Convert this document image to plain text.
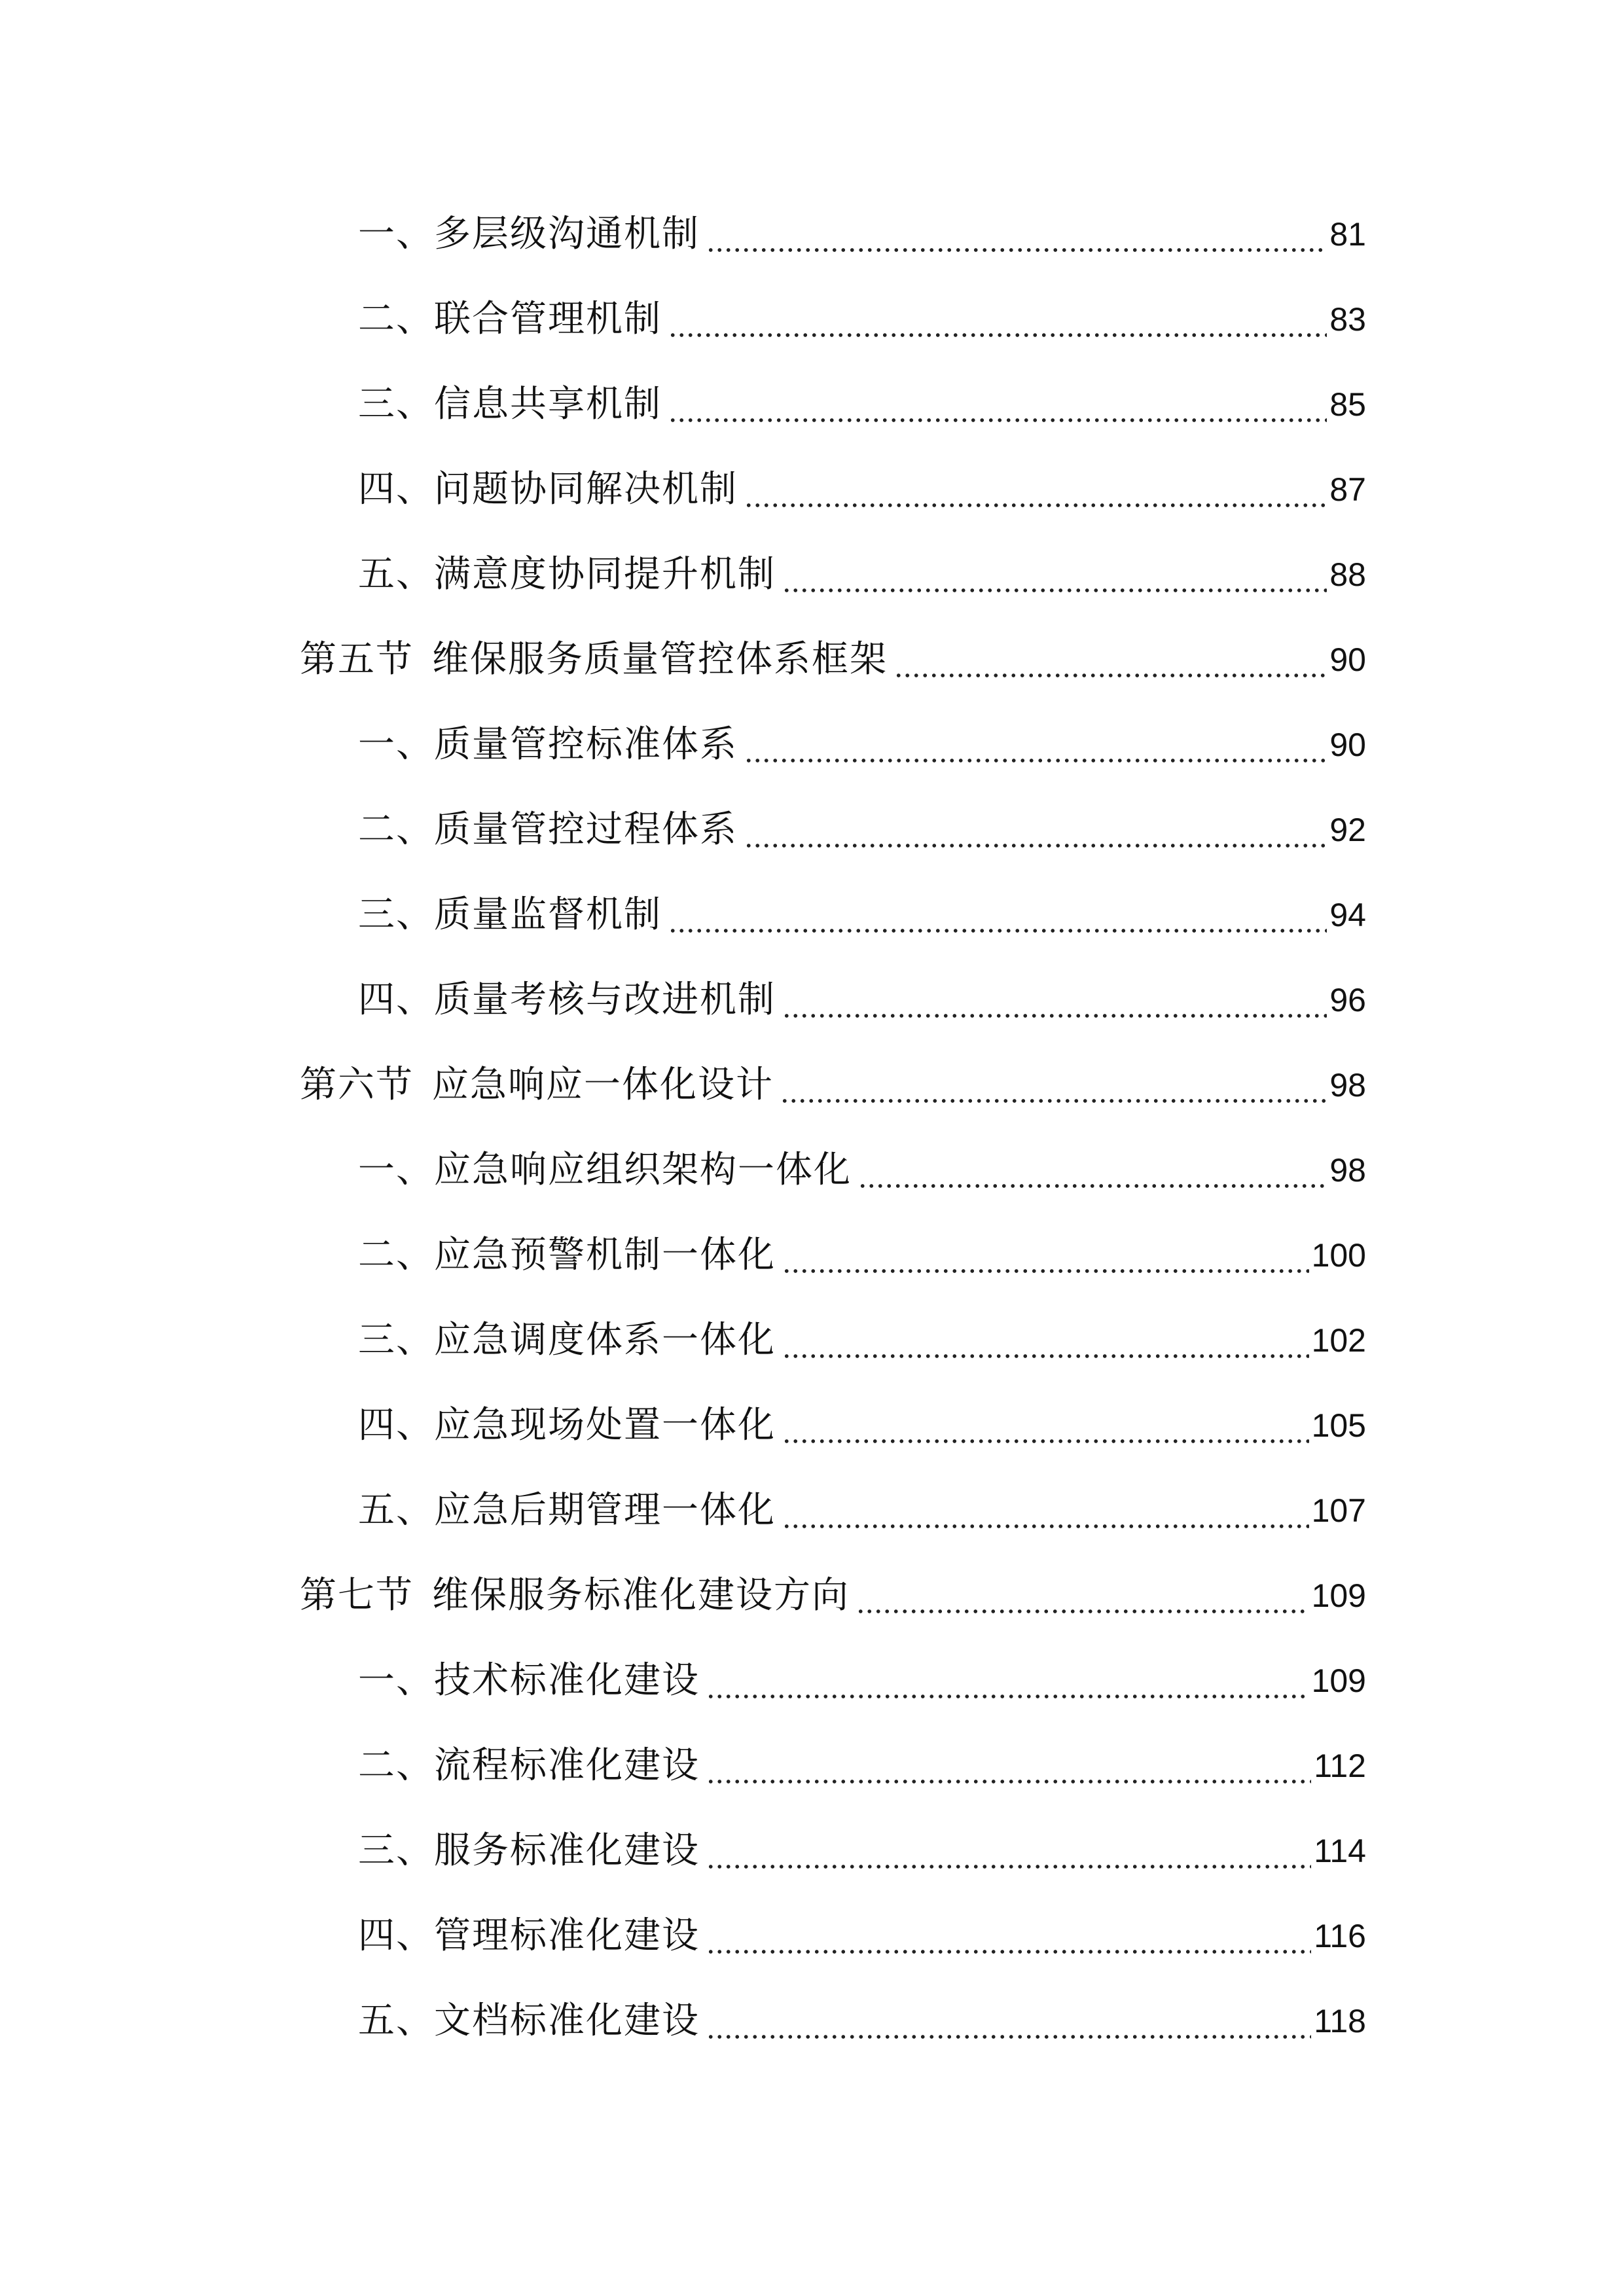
一、多层级沟通机制	81
二、联合管理机制	83
三、信息共享机制	85
四、问题协同解决机制	87
五、满意度协同提升机制	88
第五节 维保服务质量管控体系框架	90
一、质量管控标准体系	90
二、质量管控过程体系	92
三、质量监督机制	94
四、质量考核与改进机制	96
第六节 应急响应一体化设计	98
一、应急响应组织架构一体化	98
二、应急预警机制一体化	100
三、应急调度体系一体化	102
四、应急现场处置一体化	105
五、应急后期管理一体化	107
第七节 维保服务标准化建设方向	109
一、技术标准化建设	109
二、流程标准化建设	112
三、服务标准化建设	114
四、管理标准化建设	116
五、文档标准化建设	118
